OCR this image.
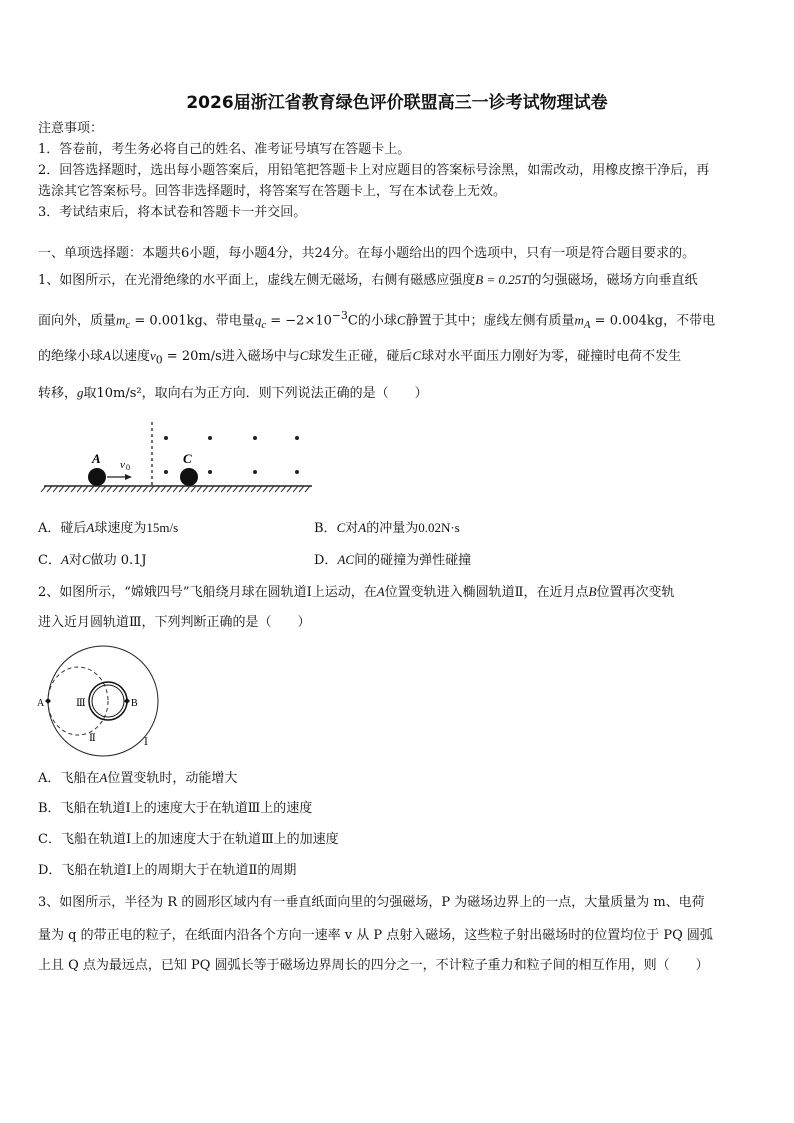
2026届浙江省教育绿色评价联盟高三一诊考试物理试卷
注意事项：
1．答卷前，考生务必将自己的姓名、准考证号填写在答题卡上。
2．回答选择题时，选出每小题答案后，用铅笔把答题卡上对应题目的答案标号涂黑，如需改动，用橡皮擦干净后，再
选涂其它答案标号。回答非选择题时，将答案写在答题卡上，写在本试卷上无效。
3．考试结束后，将本试卷和答题卡一并交回。
一、单项选择题：本题共6小题，每小题4分，共24分。在每小题给出的四个选项中，只有一项是符合题目要求的。
1、如图所示，在光滑绝缘的水平面上，虚线左侧无磁场，右侧有磁感应强度B = 0.25T的匀强磁场，磁场方向垂直纸
面向外，质量$m_c = 0.001kg$、带电量$q_c = -2\times 10^{-3}C$的小球C静置于其中；虚线左侧有质量$m_A = 0.004kg$，不带电
的绝缘小球A以速度$v_0 = 20m/s$进入磁场中与C球发生正碰，碰后C球对水平面压力刚好为零，碰撞时电荷不发生
转移，g取10m/s²，取向右为正方向．则下列说法正确的是（　　）
A v 0
C
A．碰后A球速度为15m/s	B．C对A的冲量为0.02N·s
C．A对C做功 0.1J	D．AC间的碰撞为弹性碰撞
2、如图所示，“嫦娥四号”飞船绕月球在圆轨道Ⅰ上运动，在A位置变轨进入椭圆轨道Ⅱ，在近月点B位置再次变轨
进入近月圆轨道Ⅲ，下列判断正确的是（　　）
A	B
Ⅲ
Ⅱ	Ⅰ
A．飞船在A位置变轨时，动能增大
B．飞船在轨道Ⅰ上的速度大于在轨道Ⅲ上的速度
C．飞船在轨道Ⅰ上的加速度大于在轨道Ⅲ上的加速度
D．飞船在轨道Ⅰ上的周期大于在轨道Ⅱ的周期
3、如图所示，半径为 R 的圆形区域内有一垂直纸面向里的匀强磁场，P 为磁场边界上的一点，大量质量为 m、电荷
量为 q 的带正电的粒子，在纸面内沿各个方向一速率 v 从 P 点射入磁场，这些粒子射出磁场时的位置均位于 PQ 圆弧
上且 Q 点为最远点，已知 PQ 圆弧长等于磁场边界周长的四分之一，不计粒子重力和粒子间的相互作用，则（　　）
